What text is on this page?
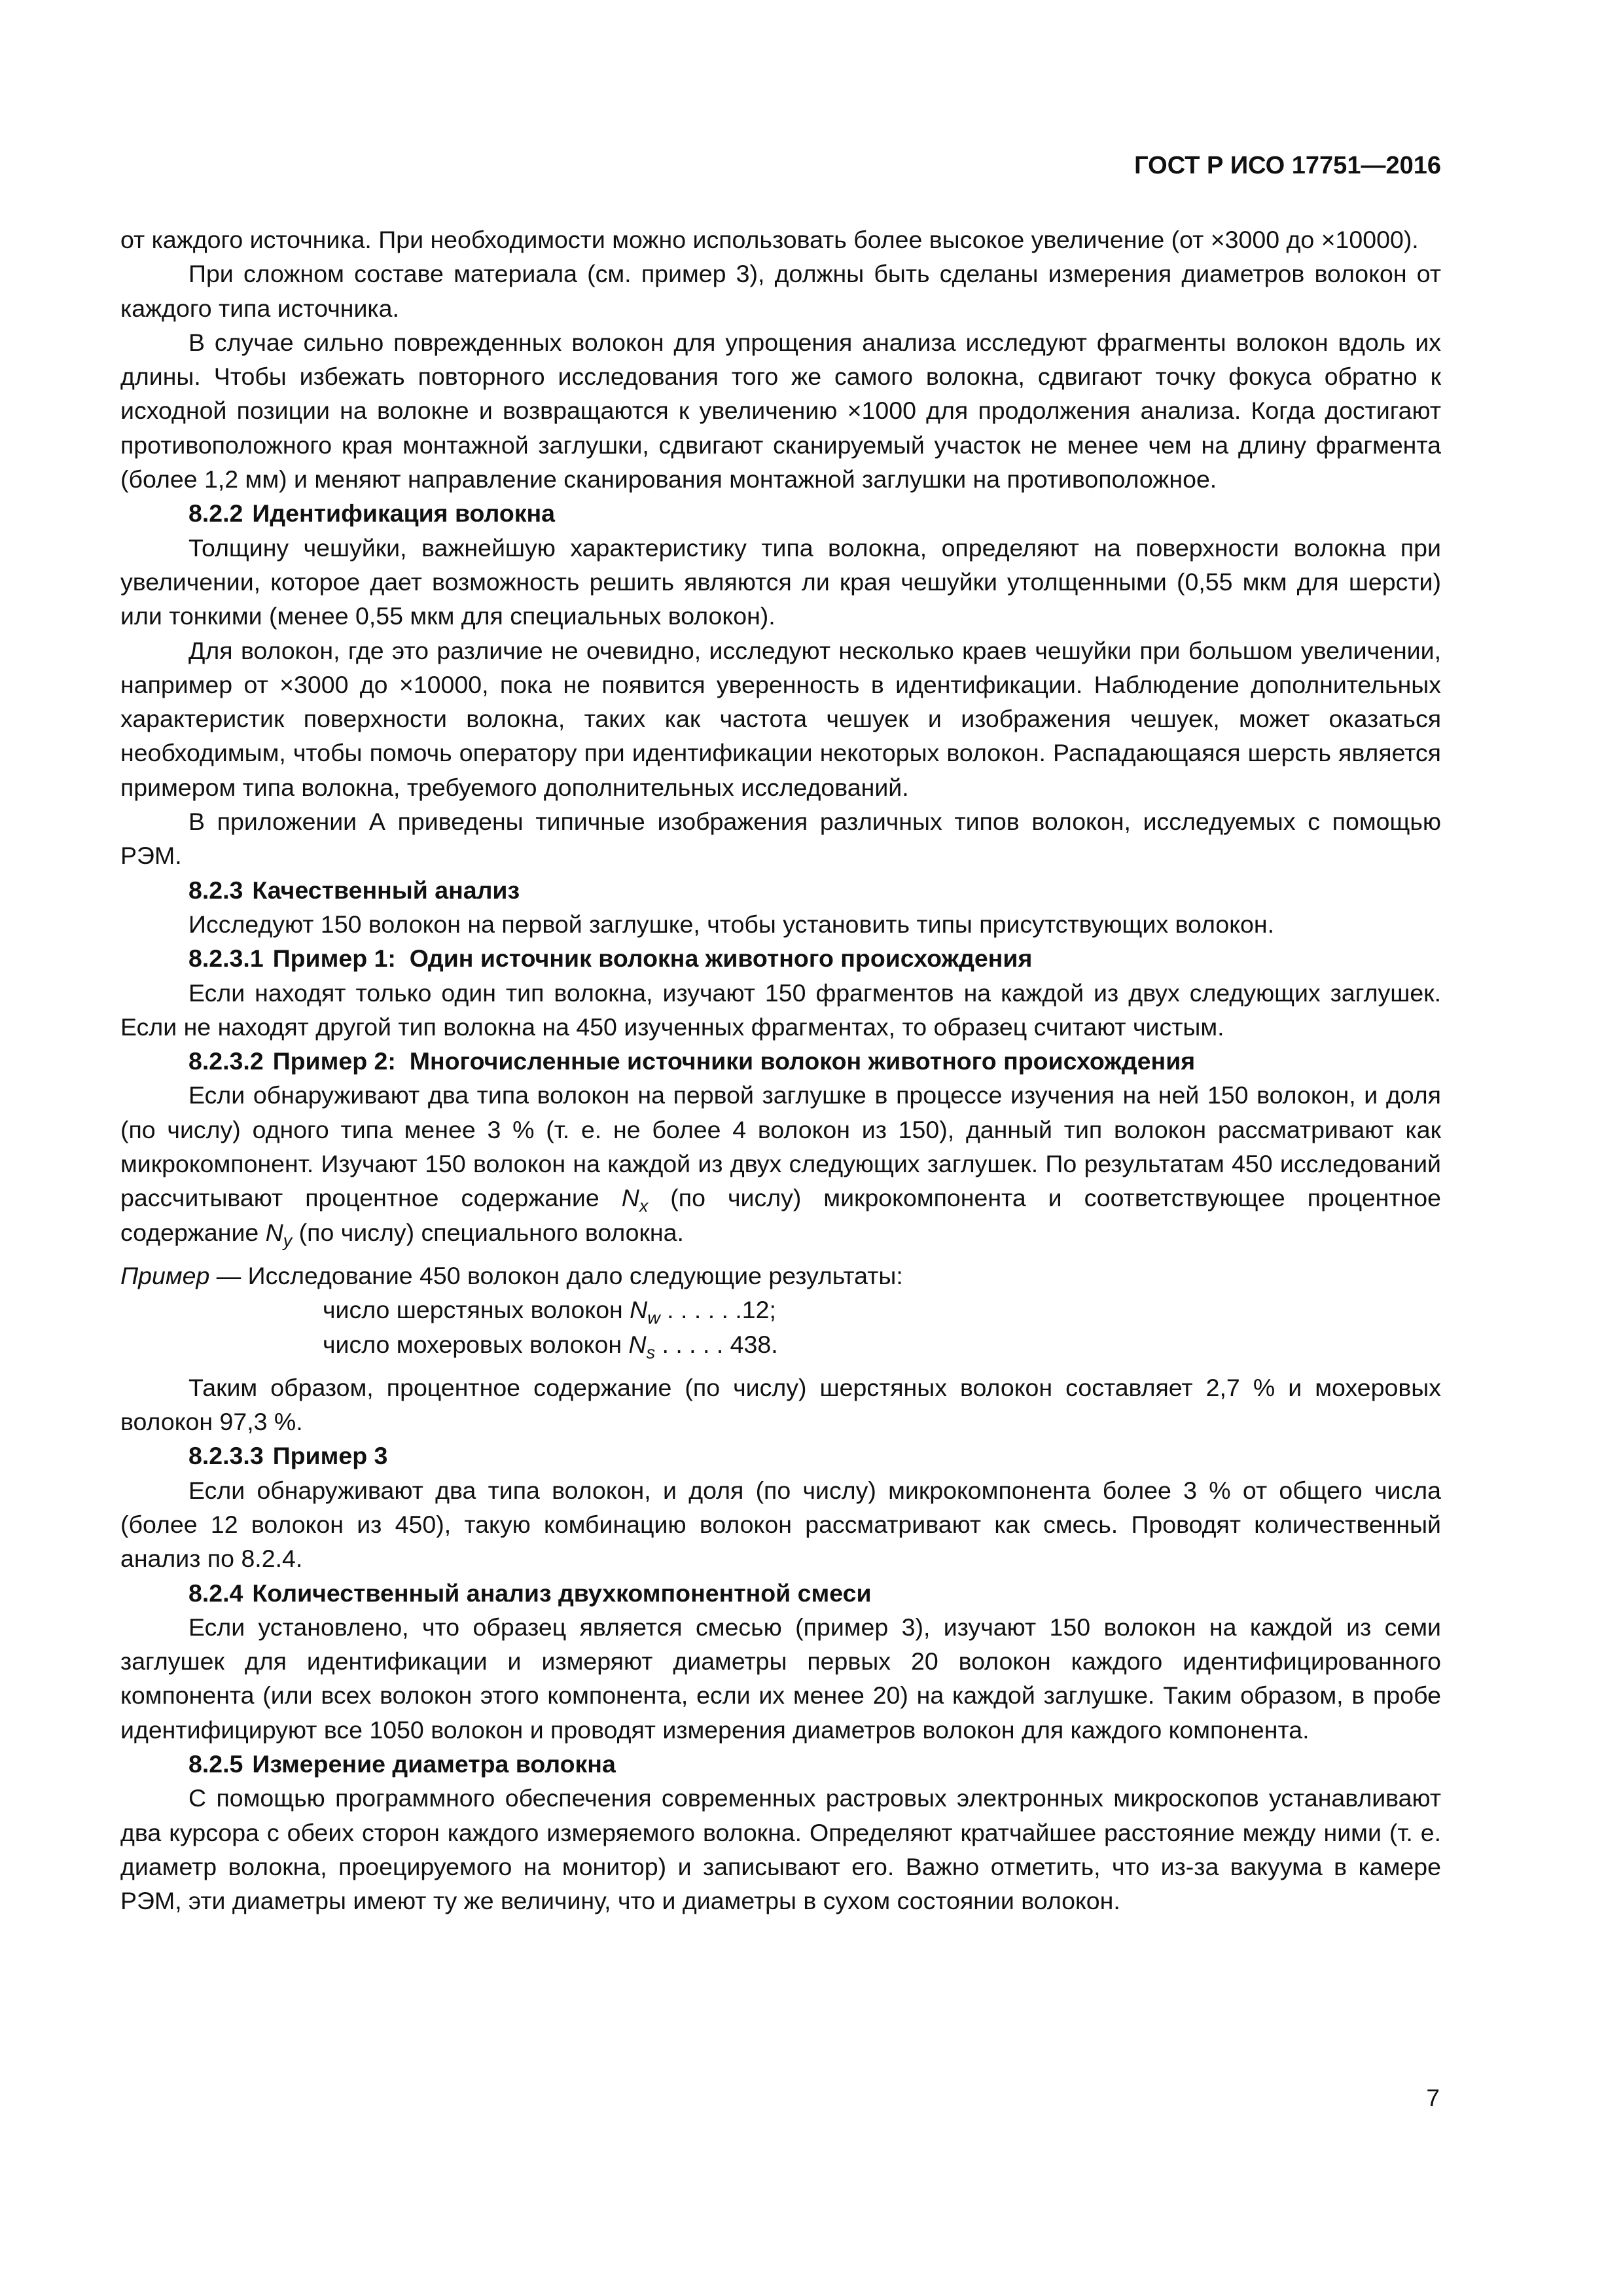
ГОСТ Р ИСО 17751—2016

от каждого источника. При необходимости можно использовать более высокое увеличение (от ×3000 до ×10000).

При сложном составе материала (см. пример 3), должны быть сделаны измерения диаметров волокон от каждого типа источника.

В случае сильно поврежденных волокон для упрощения анализа исследуют фрагменты волокон вдоль их длины. Чтобы избежать повторного исследования того же самого волокна, сдвигают точку фокуса обратно к исходной позиции на волокне и возвращаются к увеличению ×1000 для продолжения анализа. Когда достигают противоположного края монтажной заглушки, сдвигают сканируемый участок не менее чем на длину фрагмента (более 1,2 мм) и меняют направление сканирования монтажной заглушки на противоположное.

8.2.2 Идентификация волокна

Толщину чешуйки, важнейшую характеристику типа волокна, определяют на поверхности волокна при увеличении, которое дает возможность решить являются ли края чешуйки утолщенными (0,55 мкм для шерсти) или тонкими (менее 0,55 мкм для специальных волокон).

Для волокон, где это различие не очевидно, исследуют несколько краев чешуйки при большом увеличении, например от ×3000 до ×10000, пока не появится уверенность в идентификации. Наблюдение дополнительных характеристик поверхности волокна, таких как частота чешуек и изображения чешуек, может оказаться необходимым, чтобы помочь оператору при идентификации некоторых волокон. Распадающаяся шерсть является примером типа волокна, требуемого дополнительных исследований.

В приложении А приведены типичные изображения различных типов волокон, исследуемых с помощью РЭМ.

8.2.3 Качественный анализ

Исследуют 150 волокон на первой заглушке, чтобы установить типы присутствующих волокон.

8.2.3.1 Пример 1:  Один источник волокна животного происхождения

Если находят только один тип волокна, изучают 150 фрагментов на каждой из двух следующих заглушек. Если не находят другой тип волокна на 450 изученных фрагментах, то образец считают чистым.

8.2.3.2 Пример 2:  Многочисленные источники волокон животного происхождения

Если обнаруживают два типа волокон на первой заглушке в процессе изучения на ней 150 волокон, и доля (по числу) одного типа менее 3 % (т. е. не более 4 волокон из 150), данный тип волокон рассматривают как микрокомпонент. Изучают 150 волокон на каждой из двух следующих заглушек. По результатам 450 исследований рассчитывают процентное содержание $N_x$ (по числу) микрокомпонента и соответствующее процентное содержание $N_y$ (по числу) специального волокна.

Пример — Исследование 450 волокон дало следующие результаты:

число шерстяных волокон $N_w$ . . . . . .12;

число мохеровых волокон $N_s$ . . . . . 438.

Таким образом, процентное содержание (по числу) шерстяных волокон составляет 2,7 % и мохеровых волокон 97,3 %.

8.2.3.3 Пример 3

Если обнаруживают два типа волокон, и доля (по числу) микрокомпонента более 3 % от общего числа (более 12 волокон из 450), такую комбинацию волокон рассматривают как смесь. Проводят количественный анализ по 8.2.4.

8.2.4 Количественный анализ двухкомпонентной смеси

Если установлено, что образец является смесью (пример 3), изучают 150 волокон на каждой из семи заглушек для идентификации и измеряют диаметры первых 20 волокон каждого идентифицированного компонента (или всех волокон этого компонента, если их менее 20) на каждой заглушке. Таким образом, в пробе идентифицируют все 1050 волокон и проводят измерения диаметров волокон для каждого компонента.

8.2.5 Измерение диаметра волокна

С помощью программного обеспечения современных растровых электронных микроскопов устанавливают два курсора с обеих сторон каждого измеряемого волокна. Определяют кратчайшее расстояние между ними (т. е. диаметр волокна, проецируемого на монитор) и записывают его. Важно отметить, что из-за вакуума в камере РЭМ, эти диаметры имеют ту же величину, что и диаметры в сухом состоянии волокон.

7
